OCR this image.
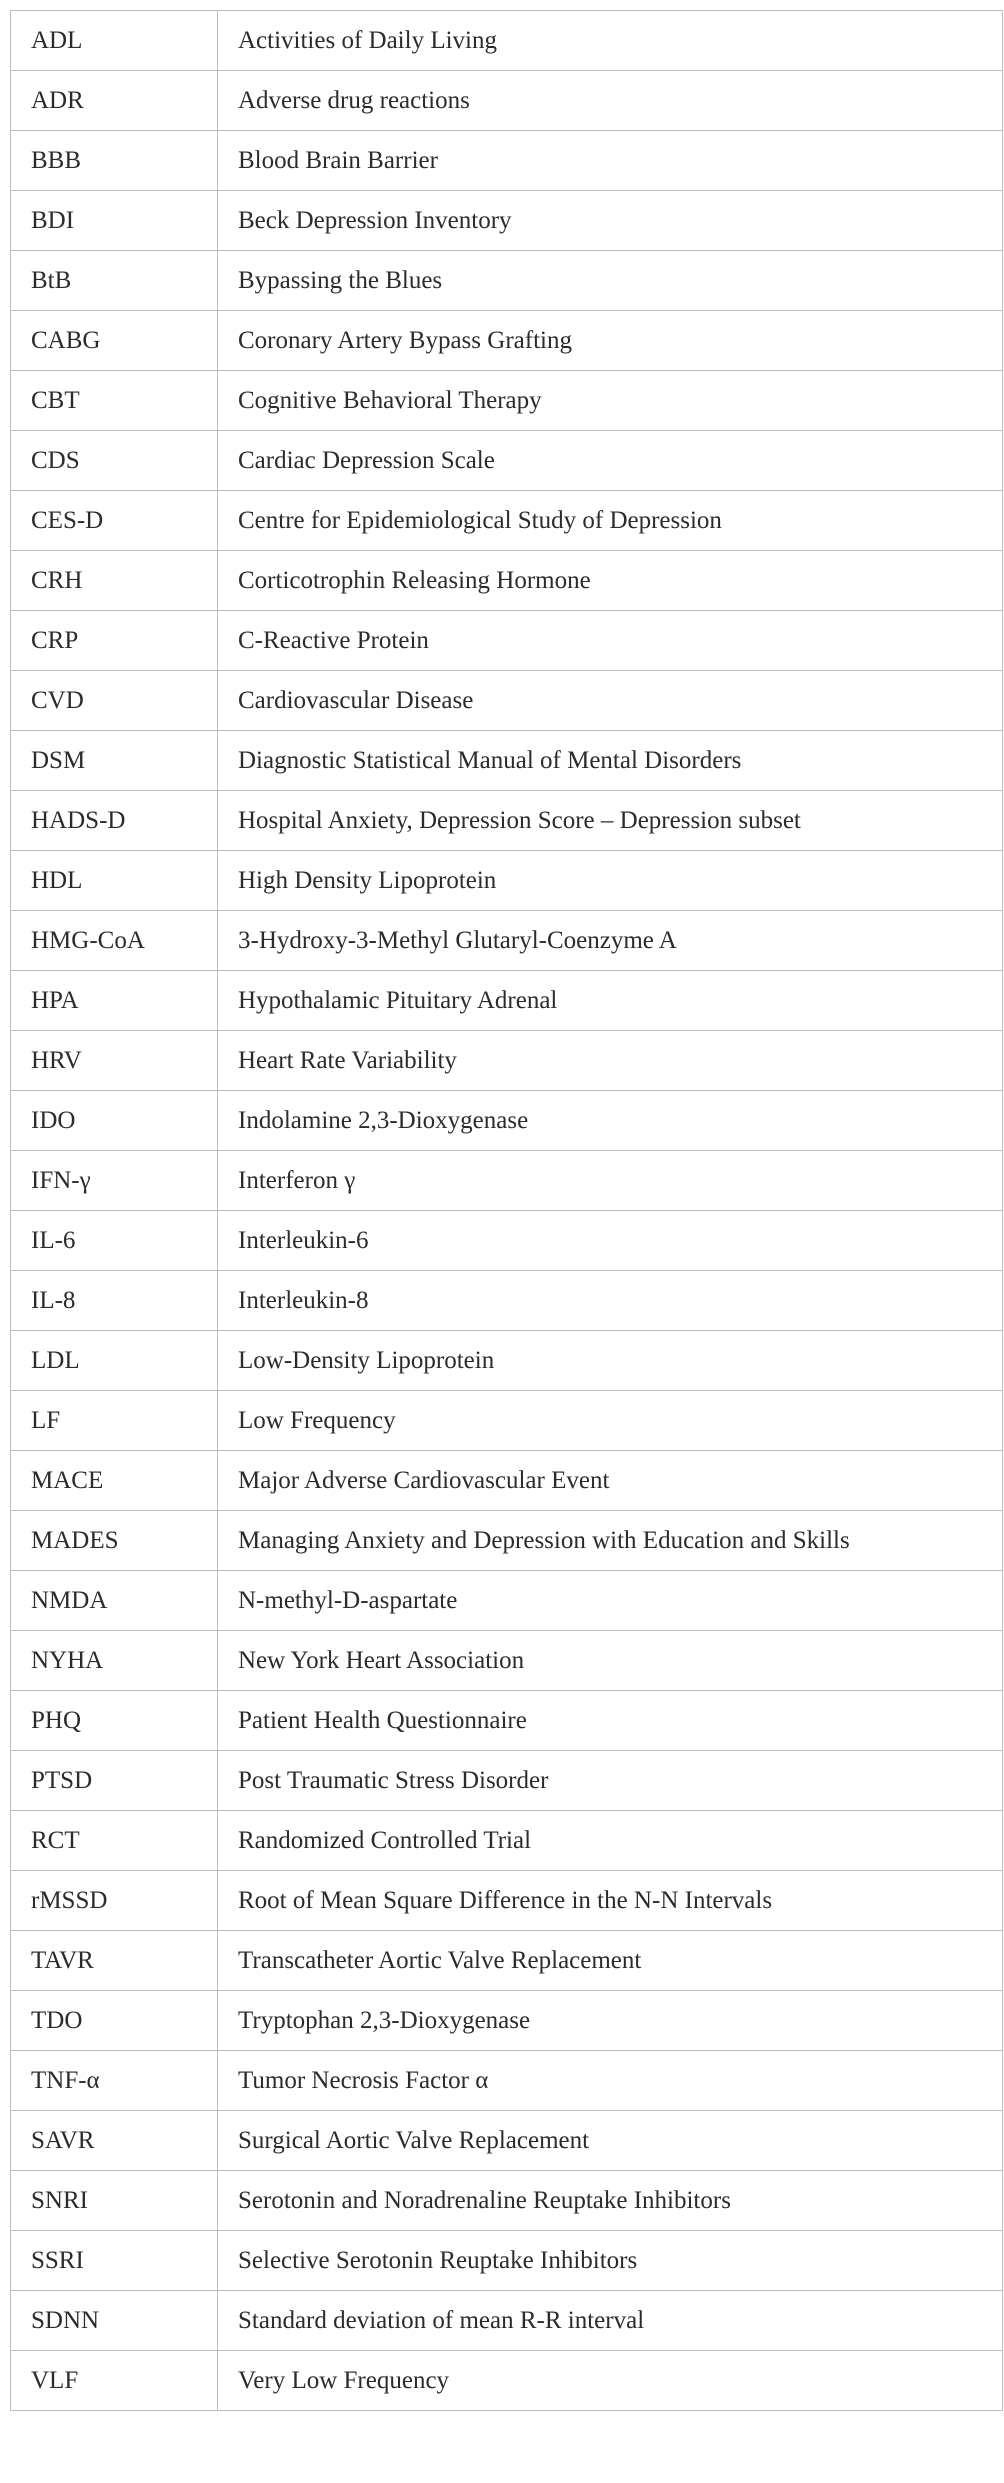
ADL	Activities of Daily Living
ADR	Adverse drug reactions
BBB	Blood Brain Barrier
BDI	Beck Depression Inventory
BtB	Bypassing the Blues
CABG	Coronary Artery Bypass Grafting
CBT	Cognitive Behavioral Therapy
CDS	Cardiac Depression Scale
CES-D	Centre for Epidemiological Study of Depression
CRH	Corticotrophin Releasing Hormone
CRP	C-Reactive Protein
CVD	Cardiovascular Disease
DSM	Diagnostic Statistical Manual of Mental Disorders
HADS-D	Hospital Anxiety, Depression Score – Depression subset
HDL	High Density Lipoprotein
HMG-CoA	3-Hydroxy-3-Methyl Glutaryl-Coenzyme A
HPA	Hypothalamic Pituitary Adrenal
HRV	Heart Rate Variability
IDO	Indolamine 2,3-Dioxygenase
IFN-γ	Interferon γ
IL-6	Interleukin-6
IL-8	Interleukin-8
LDL	Low-Density Lipoprotein
LF	Low Frequency
MACE	Major Adverse Cardiovascular Event
MADES	Managing Anxiety and Depression with Education and Skills
NMDA	N-methyl-D-aspartate
NYHA	New York Heart Association
PHQ	Patient Health Questionnaire
PTSD	Post Traumatic Stress Disorder
RCT	Randomized Controlled Trial
rMSSD	Root of Mean Square Difference in the N-N Intervals
TAVR	Transcatheter Aortic Valve Replacement
TDO	Tryptophan 2,3-Dioxygenase
TNF-α	Tumor Necrosis Factor α
SAVR	Surgical Aortic Valve Replacement
SNRI	Serotonin and Noradrenaline Reuptake Inhibitors
SSRI	Selective Serotonin Reuptake Inhibitors
SDNN	Standard deviation of mean R-R interval
VLF	Very Low Frequency
